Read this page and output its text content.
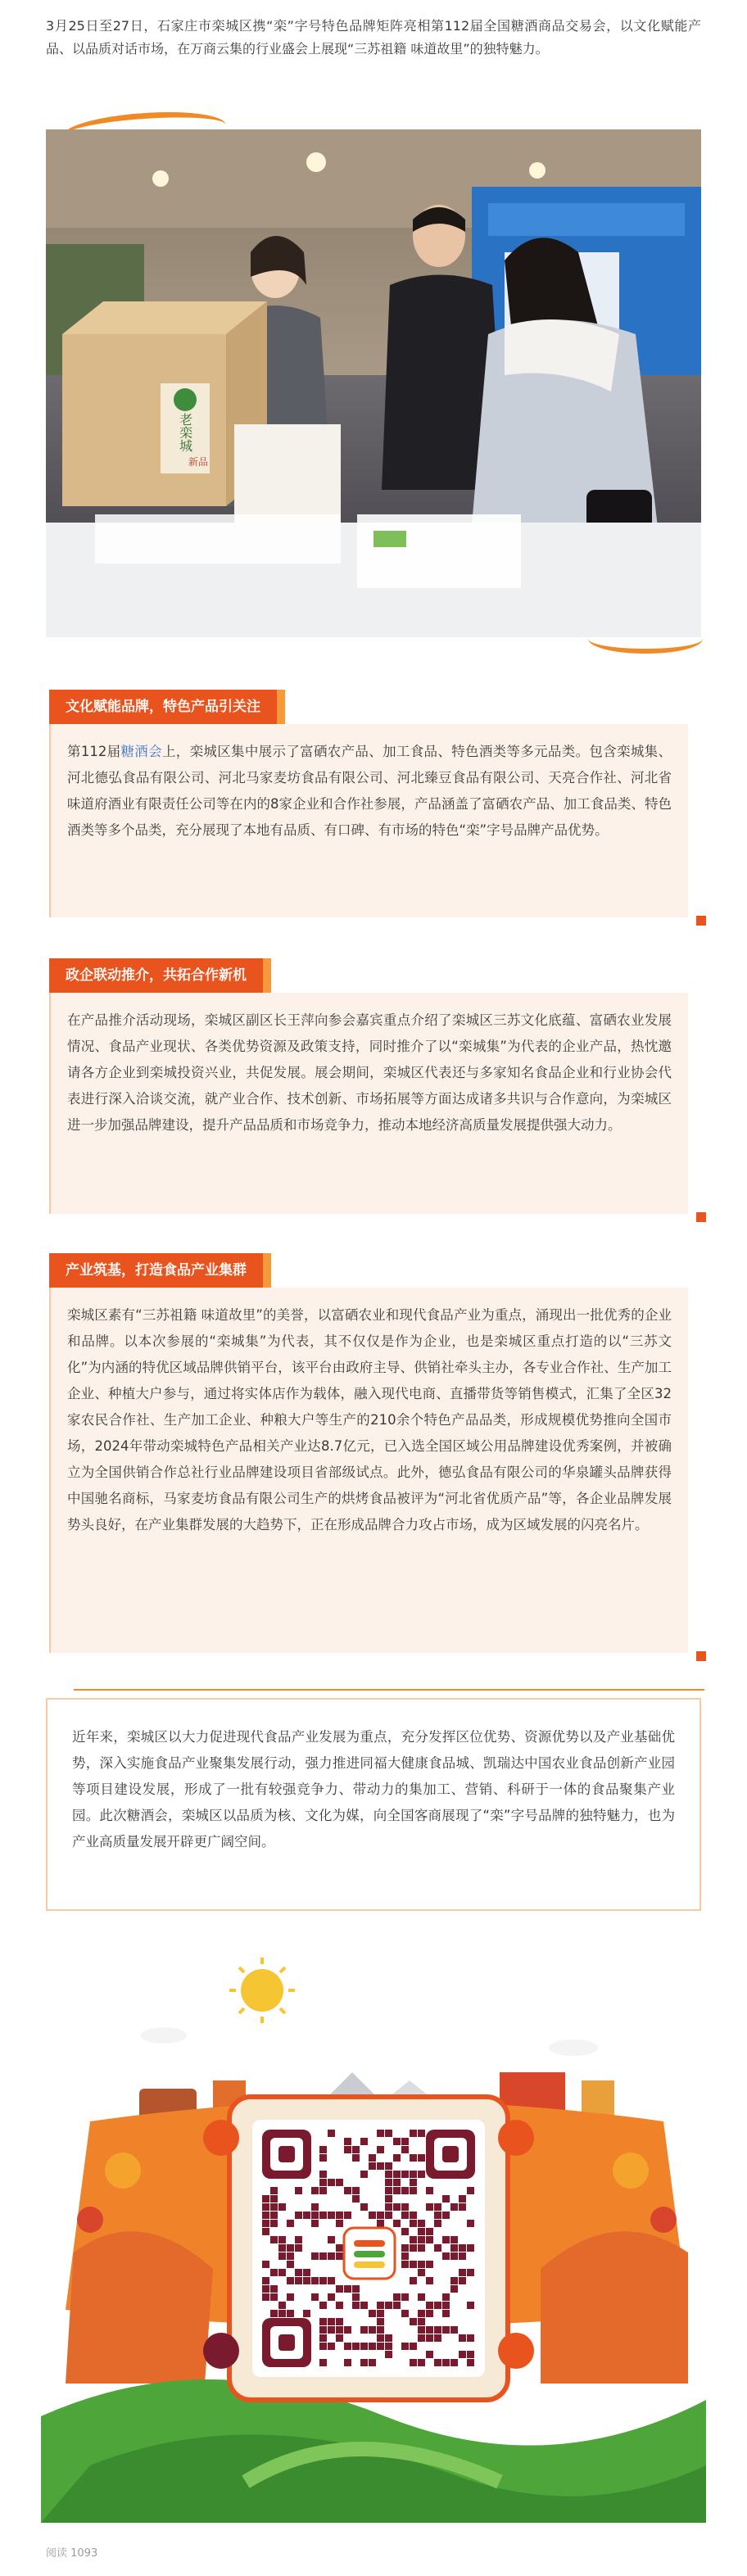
3月25日至27日，石家庄市栾城区携“栾”字号特色品牌矩阵亮相第112届全国糖酒商品交易会，以文化赋能产品、以品质对话市场，在万商云集的行业盛会上展现“三苏祖籍 味道故里”的独特魅力。

老栾城
新品
文化赋能品牌，特色产品引关注
第112届糖酒会上，栾城区集中展示了富硒农产品、加工食品、特色酒类等多元品类。包含栾城集、河北德弘食品有限公司、河北马家麦坊食品有限公司、河北臻豆食品有限公司、天亮合作社、河北省味道府酒业有限责任公司等在内的8家企业和合作社参展，产品涵盖了富硒农产品、加工食品类、特色酒类等多个品类，充分展现了本地有品质、有口碑、有市场的特色“栾”字号品牌产品优势。
政企联动推介，共拓合作新机
在产品推介活动现场，栾城区副区长王萍向参会嘉宾重点介绍了栾城区三苏文化底蕴、富硒农业发展情况、食品产业现状、各类优势资源及政策支持，同时推介了以“栾城集”为代表的企业产品，热忱邀请各方企业到栾城投资兴业，共促发展。展会期间，栾城区代表还与多家知名食品企业和行业协会代表进行深入洽谈交流，就产业合作、技术创新、市场拓展等方面达成诸多共识与合作意向，为栾城区进一步加强品牌建设，提升产品品质和市场竞争力，推动本地经济高质量发展提供强大动力。
产业筑基，打造食品产业集群
栾城区素有“三苏祖籍 味道故里”的美誉，以富硒农业和现代食品产业为重点，涌现出一批优秀的企业和品牌。以本次参展的“栾城集”为代表，其不仅仅是作为企业，也是栾城区重点打造的以“三苏文化”为内涵的特优区域品牌供销平台，该平台由政府主导、供销社牵头主办，各专业合作社、生产加工企业、种植大户参与，通过将实体店作为载体，融入现代电商、直播带货等销售模式，汇集了全区32家农民合作社、生产加工企业、种粮大户等生产的210余个特色产品品类，形成规模优势推向全国市场，2024年带动栾城特色产品相关产业达8.7亿元，已入选全国区域公用品牌建设优秀案例，并被确立为全国供销合作总社行业品牌建设项目省部级试点。此外，德弘食品有限公司的华泉罐头品牌获得中国驰名商标，马家麦坊食品有限公司生产的烘烤食品被评为“河北省优质产品”等，各企业品牌发展势头良好，在产业集群发展的大趋势下，正在形成品牌合力攻占市场，成为区域发展的闪亮名片。
近年来，栾城区以大力促进现代食品产业发展为重点，充分发挥区位优势、资源优势以及产业基础优势，深入实施食品产业聚集发展行动，强力推进同福大健康食品城、凯瑞达中国农业食品创新产业园等项目建设发展，形成了一批有较强竞争力、带动力的集加工、营销、科研于一体的食品聚集产业园。此次糖酒会，栾城区以品质为核、文化为媒，向全国客商展现了“栾”字号品牌的独特魅力，也为产业高质量发展开辟更广阔空间。
阅读 1093
